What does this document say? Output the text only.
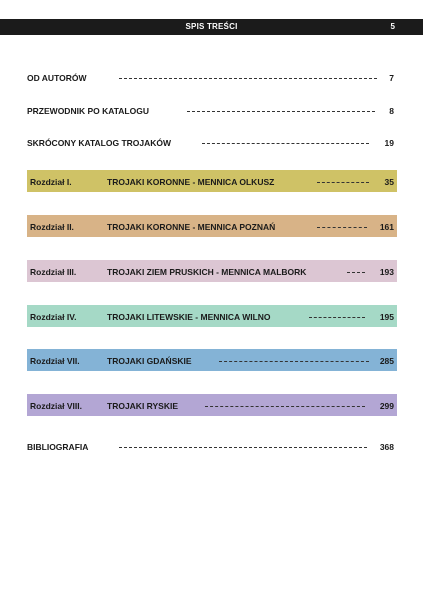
SPIS TREŚCI	5
OD AUTORÓW	7
PRZEWODNIK PO KATALOGU	8
SKRÓCONY KATALOG TROJAKÓW	19
Rozdział I.	TROJAKI KORONNE - MENNICA OLKUSZ	35
Rozdział II.	TROJAKI KORONNE - MENNICA POZNAŃ	161
Rozdział III.	TROJAKI ZIEM PRUSKICH - MENNICA MALBORK	193
Rozdział IV.	TROJAKI LITEWSKIE - MENNICA WILNO	195
Rozdział VII.	TROJAKI GDAŃSKIE	285
Rozdział VIII.	TROJAKI RYSKIE	299
BIBLIOGRAFIA	368
